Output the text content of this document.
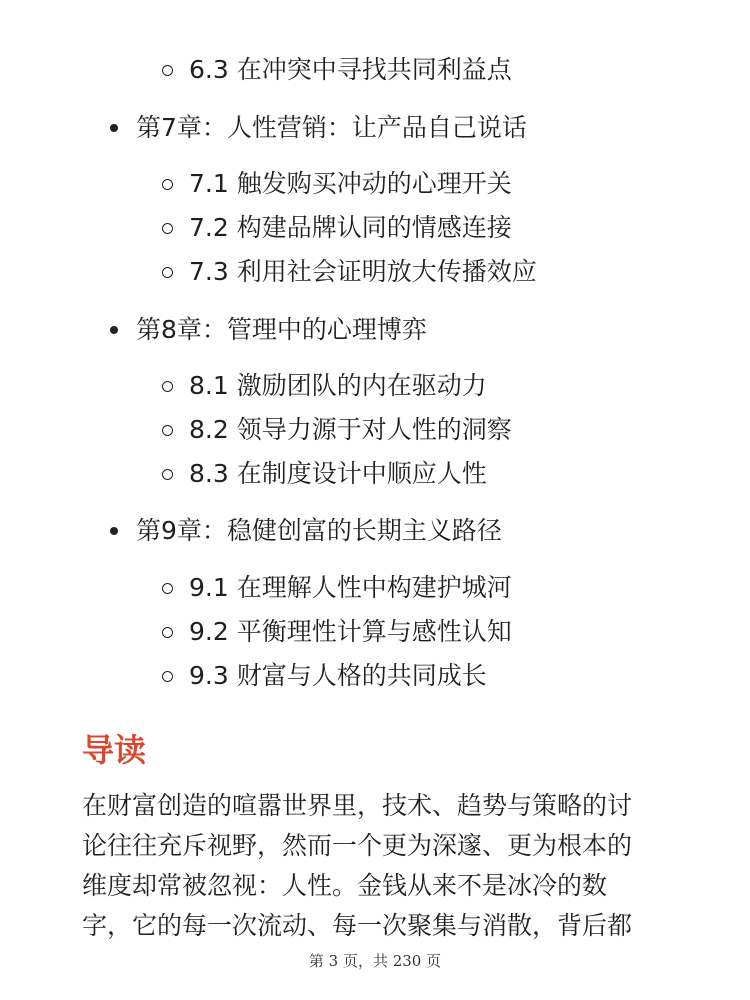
6.3 在冲突中寻找共同利益点
第7章：人性营销：让产品自己说话
7.1 触发购买冲动的心理开关
7.2 构建品牌认同的情感连接
7.3 利用社会证明放大传播效应
第8章：管理中的心理博弈
8.1 激励团队的内在驱动力
8.2 领导力源于对人性的洞察
8.3 在制度设计中顺应人性
第9章：稳健创富的长期主义路径
9.1 在理解人性中构建护城河
9.2 平衡理性计算与感性认知
9.3 财富与人格的共同成长
导读

在财富创造的喧嚣世界里，技术、趋势与策略的讨
论往往充斥视野，然而一个更为深邃、更为根本的
维度却常被忽视：人性。金钱从来不是冰冷的数
字，它的每一次流动、每一次聚集与消散，背后都

第 3 页，共 230 页
